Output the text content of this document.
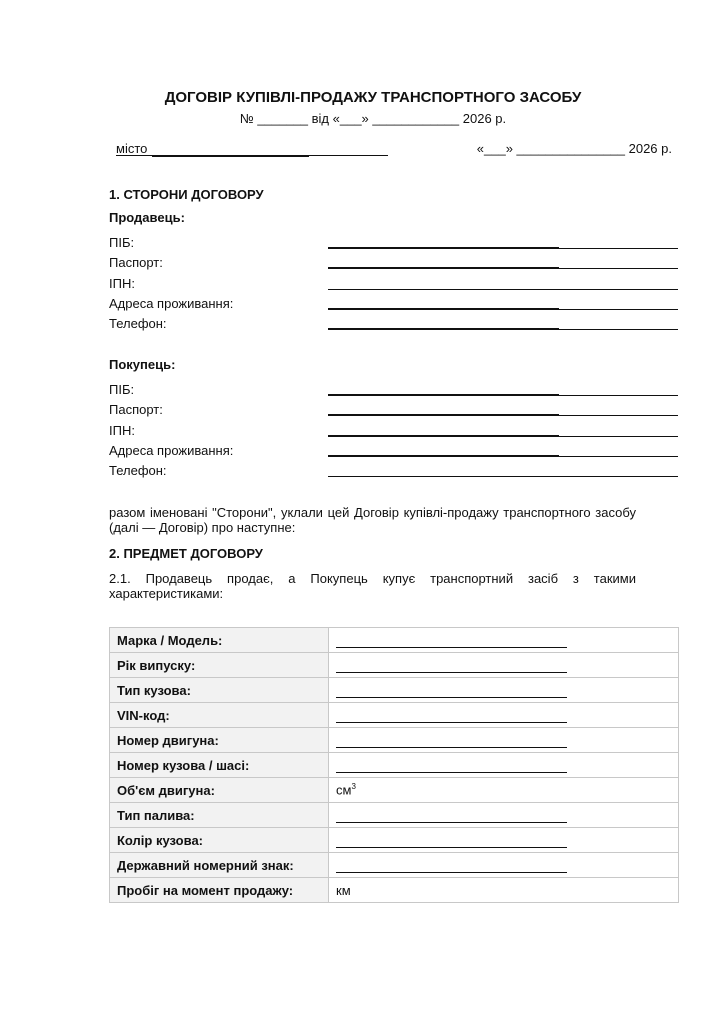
ДОГОВІР КУПІВЛІ-ПРОДАЖУ ТРАНСПОРТНОГО ЗАСОБУ
№ _______ від «___» ____________ 2026 р.
місто	«___» _______________ 2026 р.
1. СТОРОНИ ДОГОВОРУ
Продавець:
ПІБ:
Паспорт:
ІПН:
Адреса проживання:
Телефон:
Покупець:
ПІБ:
Паспорт:
ІПН:
Адреса проживання:
Телефон:
разом іменовані "Сторони", уклали цей Договір купівлі-продажу транспортного засобу (далі — Договір) про наступне:
2. ПРЕДМЕТ ДОГОВОРУ
2.1. Продавець продає, а Покупець купує транспортний засіб з такими характеристиками:
Марка / Модель:	

Рік випуску:	

Тип кузова:	

VIN-код:	

Номер двигуна:	

Номер кузова / шасі:	

Об'єм двигуна:	$см^3$
Тип палива:	

Колір кузова:	

Державний номерний знак:	

Пробіг на момент продажу:	км
